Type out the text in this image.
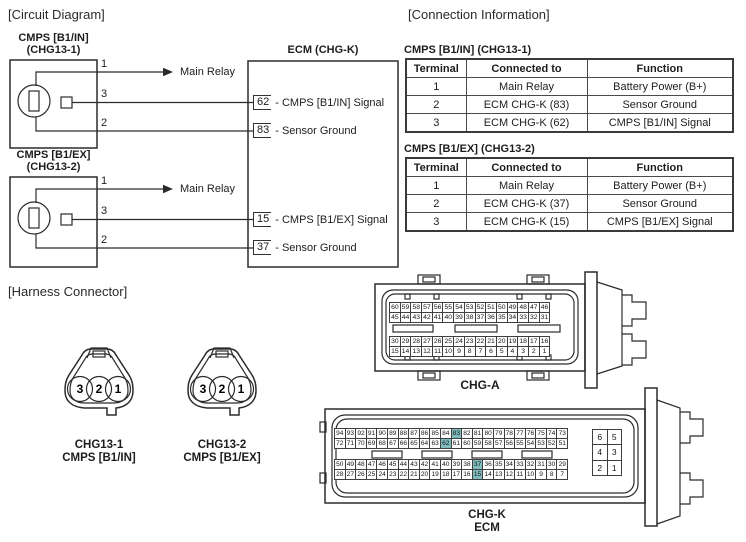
3 2 1	3 2 1
[Circuit Diagram]	[Connection Information]
[Harness Connector]
CMPS [B1/IN]
(CHG13-1)
CMPS [B1/EX]
(CHG13-2)
ECM (CHG-K)
1
3
2
1
3
2
Main Relay
Main Relay
62 - CMPS [B1/IN] Signal
83 - Sensor Ground
15 - CMPS [B1/EX] Signal
37 - Sensor Ground
CMPS [B1/IN] (CHG13-1)
Terminal	Connected to	Function
1	Main Relay	Battery Power (B+)
2	ECM CHG-K (83)	Sensor Ground
3	ECM CHG-K (62)	CMPS [B1/IN] Signal
CMPS [B1/EX] (CHG13-2)
Terminal	Connected to	Function
1	Main Relay	Battery Power (B+)
2	ECM CHG-K (37)	Sensor Ground
3	ECM CHG-K (15)	CMPS [B1/EX] Signal
CHG13-1
CMPS [B1/IN]
CHG13-2
CMPS [B1/EX]
60 59 58 57 56 55 54 53 52 51 50 49 48 47 46
45 44 43 42 41 40 39 38 37 36 35 34 33 32 31
30 29 28 27 26 25 24 23 22 21 20 19 18 17 16
15 14 13 12 11 10 9	8	7	6	5	4	3	2	1
CHG-A
94 93 92 91 90 89 88 87 86 85 84 83 82 81 80 79 78 77 76 75 74 73
72 71 70 69 68 67 66 65 64 63 62 61 60 59 58 57 56 55 54 53 52 51
50 49 48 47 46 45 44 43 42 41 40 39 38 37 36 35 34 33 32 31 30 29
28 27 26 25 24 23 22 21 20 19 18 17 16 15 14 13 12 11 10 9	8	7
6	5
4	3
2	1
CHG-K
ECM
